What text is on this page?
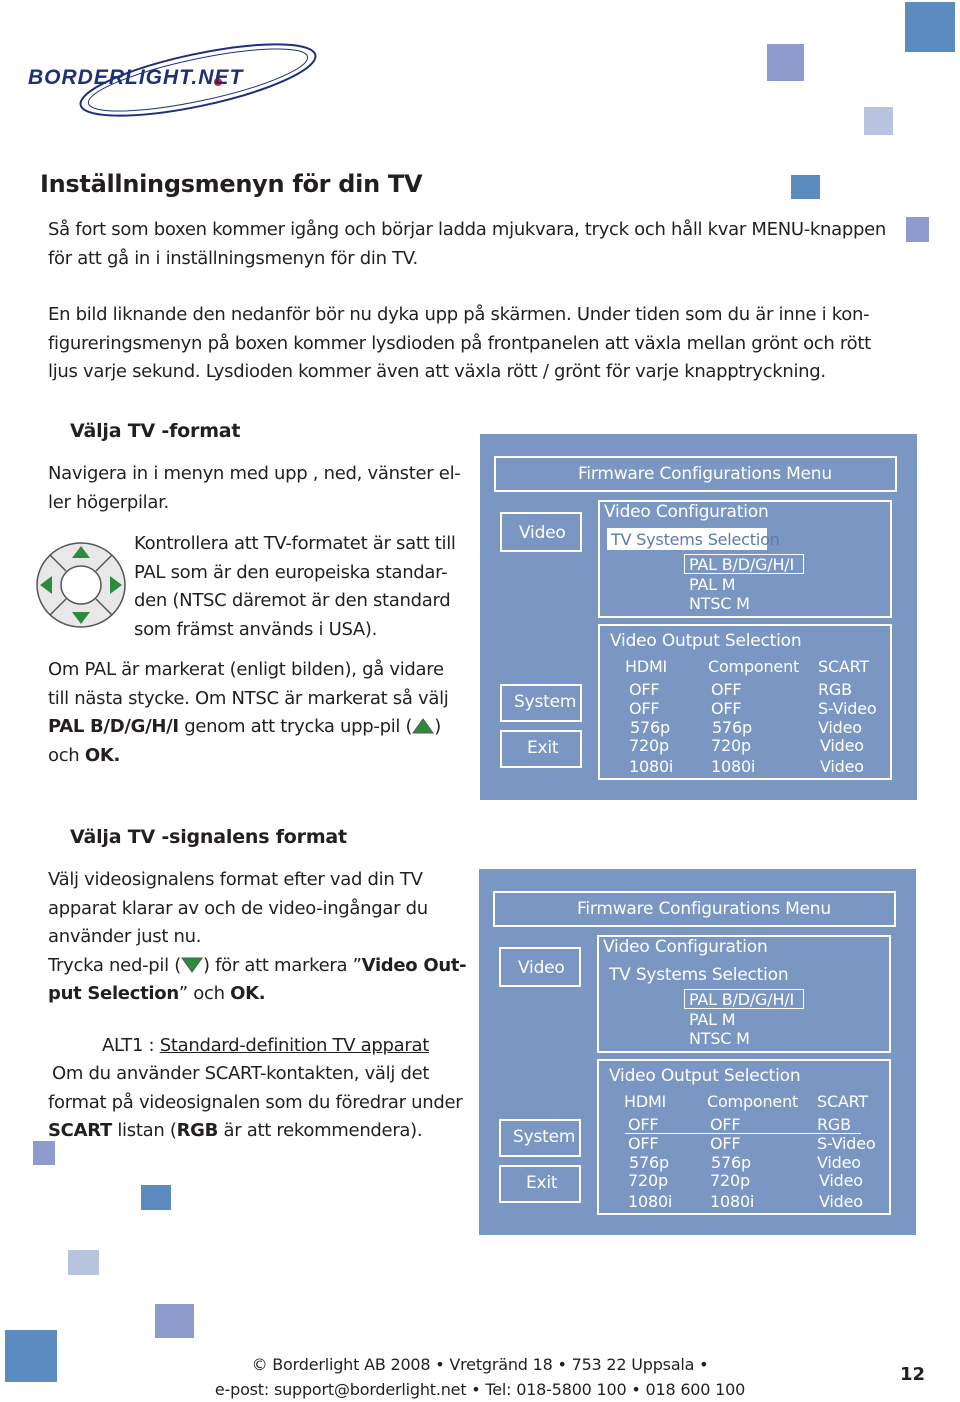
BORDERLIGHT.NET
Inställningsmenyn för din TV
Så fort som boxen kommer igång och börjar ladda mjukvara, tryck och håll kvar MENU-knappen
för att gå in i inställningsmenyn för din TV.
En bild liknande den nedanför bör nu dyka upp på skärmen. Under tiden som du är inne i kon-
figureringsmenyn på boxen kommer lysdioden på frontpanelen att växla mellan grönt och rött
ljus varje sekund. Lysdioden kommer även att växla rött / grönt för varje knapptryckning.
Välja TV -format
Navigera in i menyn med upp , ned, vänster el-
ler högerpilar.
Kontrollera att TV-formatet är satt till
PAL som är den europeiska standar-
den (NTSC däremot är den standard
som främst används i USA).
Om PAL är markerat (enligt bilden), gå vidare
till nästa stycke. Om NTSC är markerat så välj
PAL B/D/G/H/I genom att trycka upp-pil ( )
och OK.
Välja TV -signalens format
Välj videosignalens format efter vad din TV
apparat klarar av och de video-ingångar du
använder just nu.
Trycka ned-pil ( ) för att markera ”Video Out-
put Selection” och OK.
ALT1 : Standard-definition TV apparat
Om du använder SCART-kontakten, välj det
format på videosignalen som du föredrar under
SCART listan (RGB är att rekommendera).
Firmware Configurations Menu
Video
System
Exit
Video Configuration
TV Systems Selection
PAL B/D/G/H/I
PAL M
NTSC M
Video Output Selection
HDMI	Component SCART
OFF	OFF	RGB
OFF	OFF	S-Video
576p	576p	Video
720p	720p	Video
1080i 1080i	Video
Firmware Configurations Menu
Video
System
Exit
Video Configuration
TV Systems Selection
PAL B/D/G/H/I
PAL M
NTSC M
Video Output Selection
HDMI	Component SCART
OFF	OFF	RGB
OFF	OFF	S-Video
576p	576p	Video
720p	720p	Video
1080i 1080i	Video
© Borderlight AB 2008 • Vretgränd 18 • 753 22 Uppsala •
e-post: support@borderlight.net • Tel: 018-5800 100 • 018 600 100
12
